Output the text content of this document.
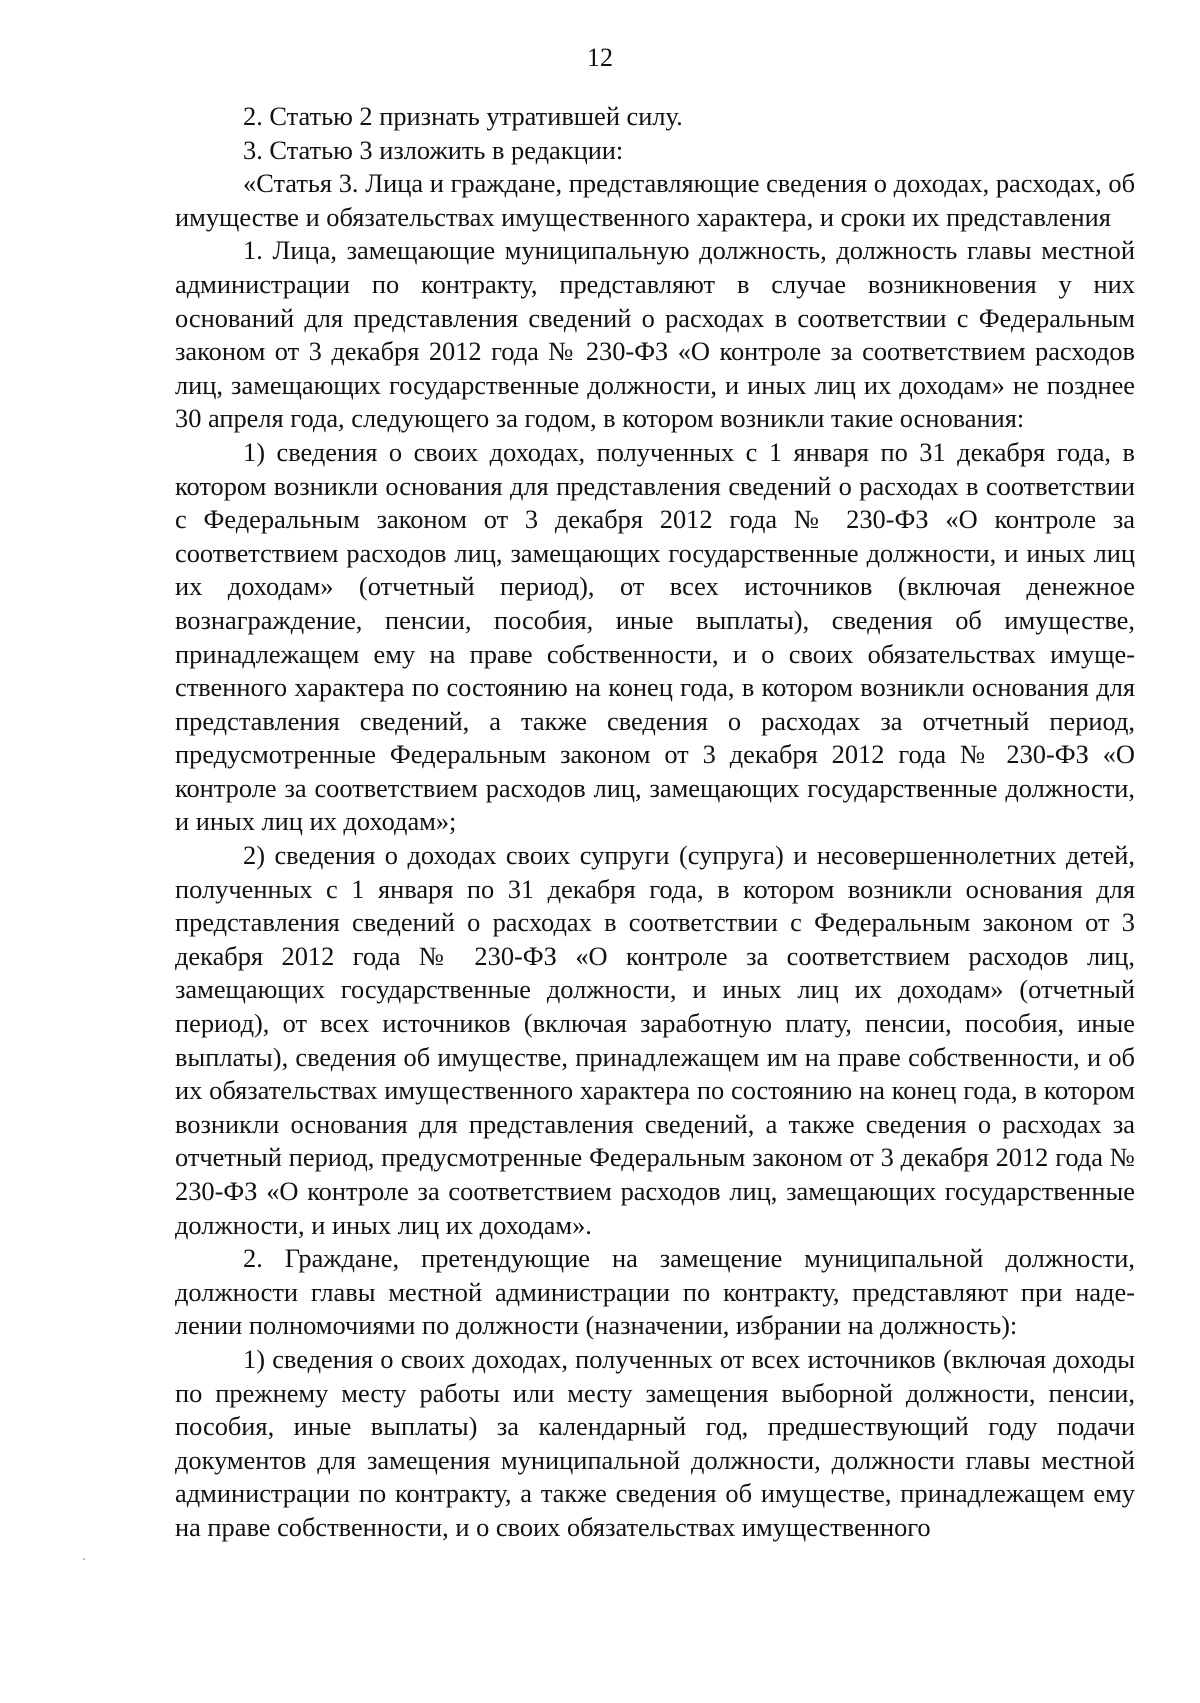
12

2. Статью 2 признать утратившей силу.

3. Статью 3 изложить в редакции:

«Статья 3. Лица и граждане, представляющие сведения о доходах, расходах, об имуществе и обязательствах имущественного характера, и сроки их представления

1. Лица, замещающие муниципальную должность, должность главы местной администрации по контракту, представляют в случае возникновения у них оснований для представления сведений о расходах в соответствии с Федеральным законом от 3 декабря 2012 года № 230-ФЗ «О контроле за соответствием расходов лиц, замещающих государственные должности, и иных лиц их доходам» не позднее 30 апреля года, следующего за годом, в котором возникли такие основания:

1) сведения о своих доходах, полученных с 1 января по 31 декабря года, в котором возникли основания для представления сведений о расходах в соответствии с Федеральным законом от 3 декабря 2012 года № 230-ФЗ «О контроле за соответствием расходов лиц, замещающих государственные должности, и иных лиц их доходам» (отчетный период), от всех источников (включая денежное вознаграждение, пенсии, пособия, иные выплаты), сведения об имуществе, принадлежащем ему на праве собственности, и о своих обязательствах имущественного характера по состоянию на конец года, в котором возникли основания для представления сведений, а также сведения о расходах за отчетный период, предусмотренные Федеральным законом от 3 декабря 2012 года № 230-ФЗ «О контроле за соответствием расходов лиц, замещающих государственные должности, и иных лиц их доходам»;

2) сведения о доходах своих супруги (супруга) и несовершеннолетних детей, полученных с 1 января по 31 декабря года, в котором возникли основания для представления сведений о расходах в соответствии с Федеральным законом от 3 декабря 2012 года № 230-ФЗ «О контроле за соответствием расходов лиц, замещающих государственные должности, и иных лиц их доходам» (отчетный период), от всех источников (включая заработную плату, пенсии, пособия, иные выплаты), сведения об имуществе, принадлежащем им на праве собственности, и об их обязательствах имущественного характера по состоянию на конец года, в котором возникли основания для представления сведений, а также сведения о расходах за отчетный период, предусмотренные Федеральным законом от 3 декабря 2012 года № 230-ФЗ «О контроле за соответствием расходов лиц, замещающих государственные должности, и иных лиц их доходам».

2. Граждане, претендующие на замещение муниципальной должности, должности главы местной администрации по контракту, представляют при наделении полномочиями по должности (назначении, избрании на должность):

1) сведения о своих доходах, полученных от всех источников (включая доходы по прежнему месту работы или месту замещения выборной должности, пенсии, пособия, иные выплаты) за календарный год, предшествующий году подачи документов для замещения муниципальной должности, должности главы местной администрации по контракту, а также сведения об имуществе, принадлежащем ему на праве собственности, и о своих обязательствах имущественного
